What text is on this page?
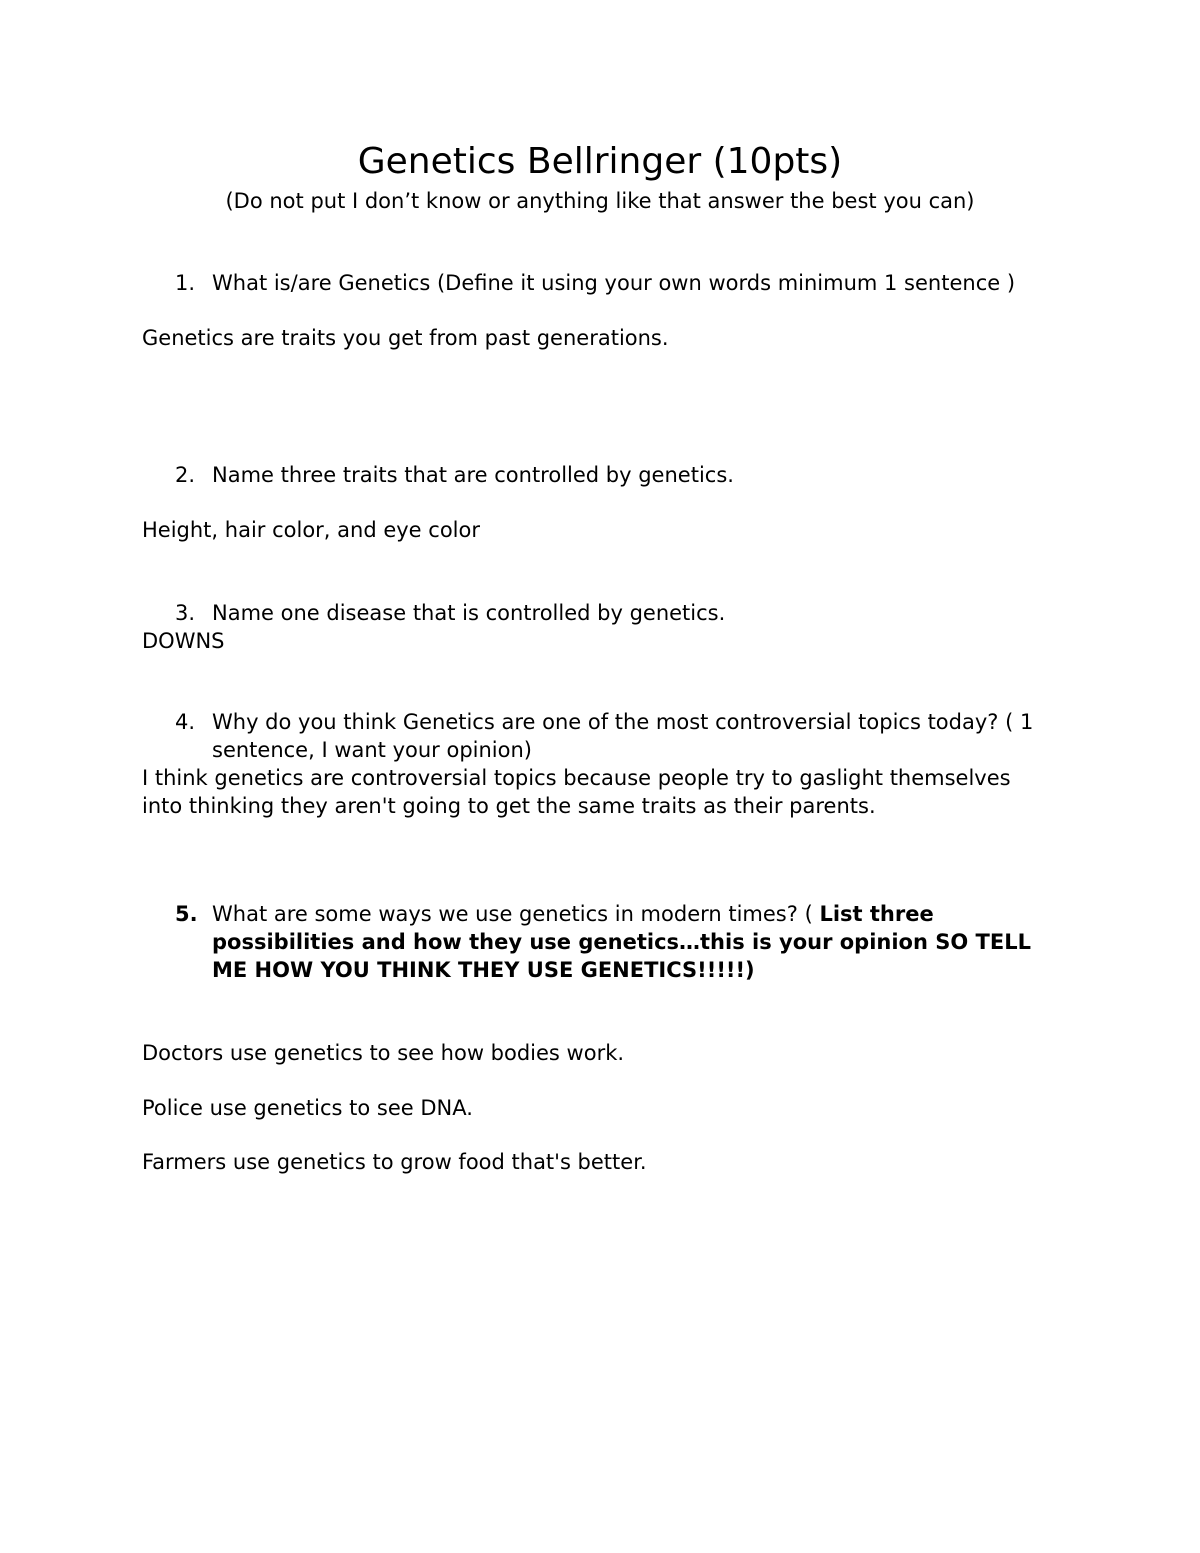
Genetics Bellringer (10pts)
(Do not put I don’t know or anything like that answer the best you can)
1. What is/are Genetics (Define it using your own words minimum 1 sentence )
Genetics are traits you get from past generations.
2. Name three traits that are controlled by genetics.
Height, hair color, and eye color
3. Name one disease that is controlled by genetics.
DOWNS
4. Why do you think Genetics are one of the most controversial topics today? ( 1 sentence, I want your opinion)
I think genetics are controversial topics because people try to gaslight themselves into thinking they aren't going to get the same traits as their parents.
5. What are some ways we use genetics in modern times? ( List three possibilities and how they use genetics…this is your opinion SO TELL ME HOW YOU THINK THEY USE GENETICS!!!!!)
Doctors use genetics to see how bodies work.
Police use genetics to see DNA.
Farmers use genetics to grow food that's better.
